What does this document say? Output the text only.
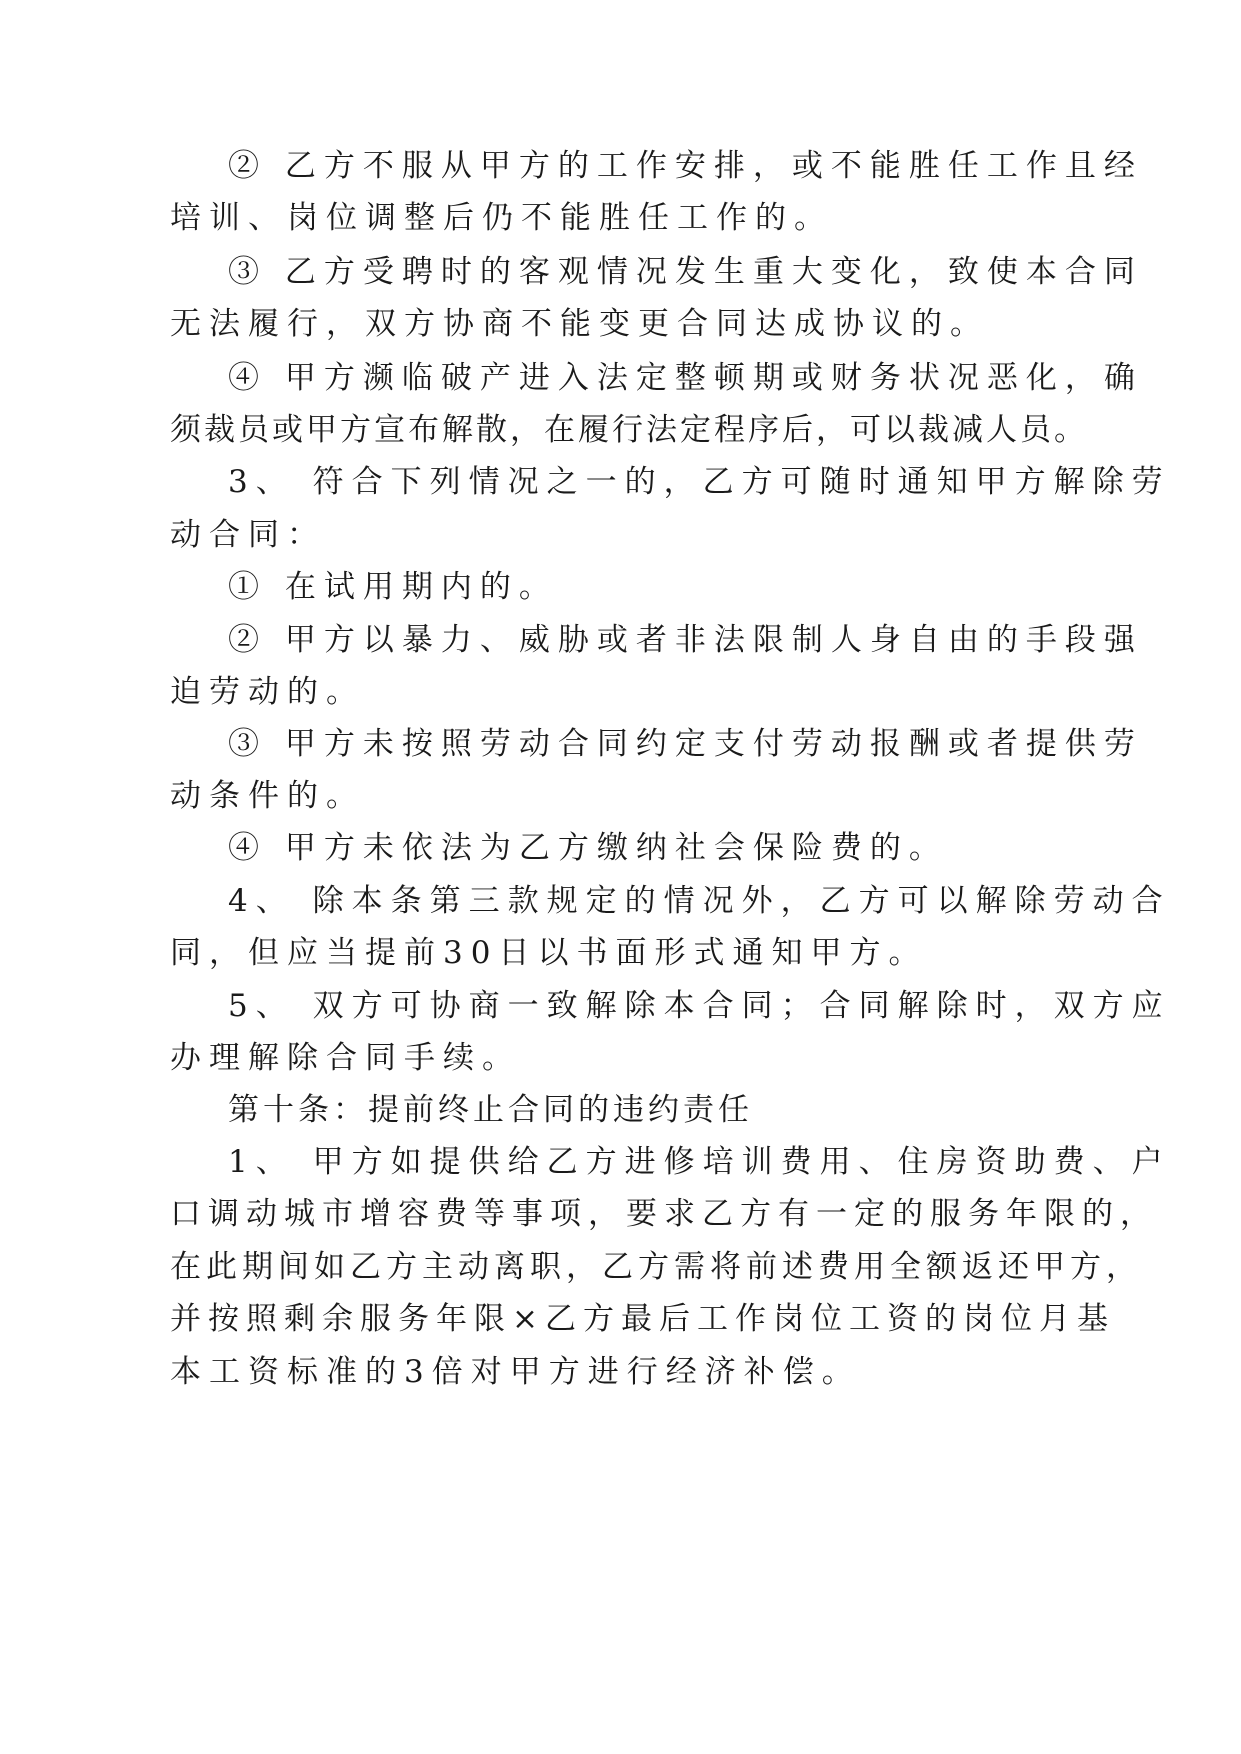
② 乙方不服从甲方的工作安排，或不能胜任工作且经
培训、岗位调整后仍不能胜任工作的。
③ 乙方受聘时的客观情况发生重大变化，致使本合同
无法履行，双方协商不能变更合同达成协议的。
④ 甲方濒临破产进入法定整顿期或财务状况恶化，确
须裁员或甲方宣布解散，在履行法定程序后，可以裁减人员。
3、 符合下列情况之一的，乙方可随时通知甲方解除劳
动合同：
① 在试用期内的。
② 甲方以暴力、威胁或者非法限制人身自由的手段强
迫劳动的。
③ 甲方未按照劳动合同约定支付劳动报酬或者提供劳
动条件的。
④ 甲方未依法为乙方缴纳社会保险费的。
4、 除本条第三款规定的情况外，乙方可以解除劳动合
同，但应当提前30日以书面形式通知甲方。
5、 双方可协商一致解除本合同；合同解除时，双方应
办理解除合同手续。
第十条：提前终止合同的违约责任
1、 甲方如提供给乙方进修培训费用、住房资助费、户
口调动城市增容费等事项，要求乙方有一定的服务年限的，
在此期间如乙方主动离职，乙方需将前述费用全额返还甲方，
并按照剩余服务年限×乙方最后工作岗位工资的岗位月基
本工资标准的3倍对甲方进行经济补偿。
